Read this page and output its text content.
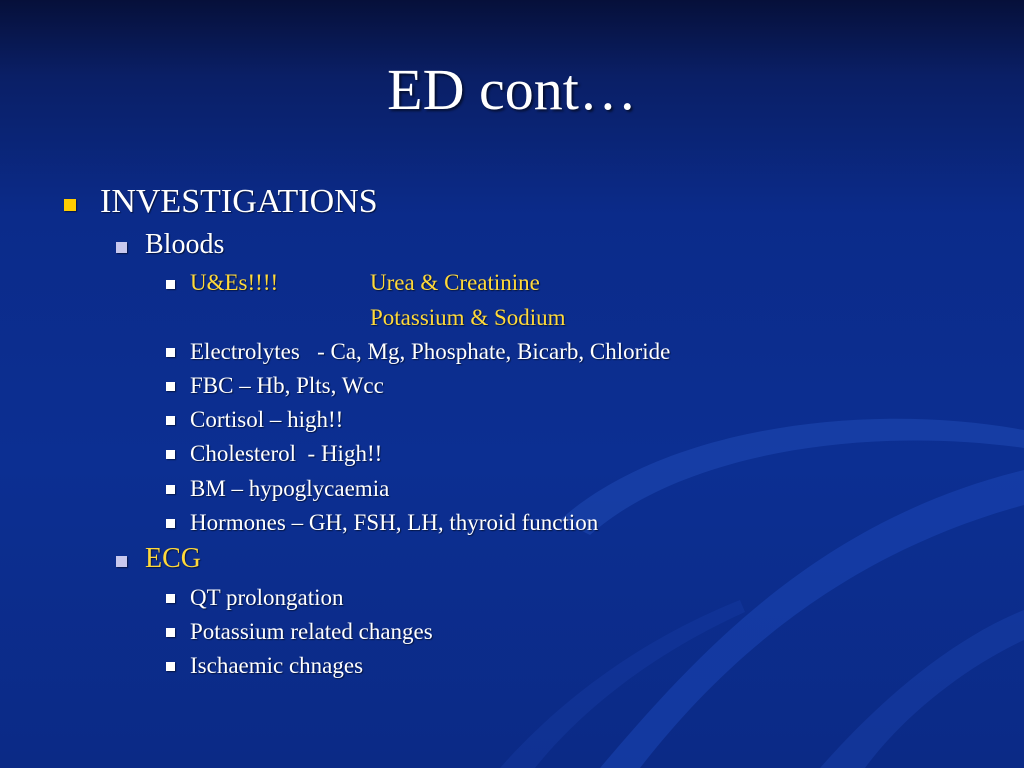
ED cont…
INVESTIGATIONS
Bloods
U&Es!!!!	Urea & Creatinine
Potassium & Sodium
Electrolytes   - Ca, Mg, Phosphate, Bicarb, Chloride
FBC – Hb, Plts, Wcc
Cortisol – high!!
Cholesterol  - High!!
BM – hypoglycaemia
Hormones – GH, FSH, LH, thyroid function
ECG
QT prolongation
Potassium related changes
Ischaemic chnages
